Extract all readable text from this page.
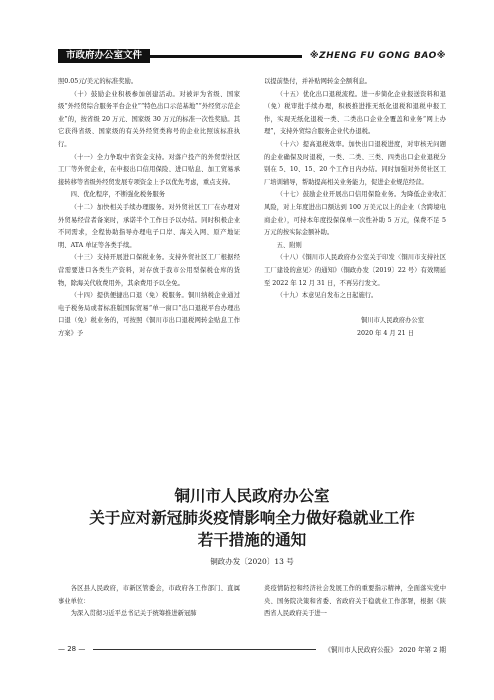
市政府办公室文件	※ZHENG FU GONG BAO※

照0.05元/美元的标准奖励。

（十）鼓励企业积极参加创建活动。对被评为省级、国家级“外经贸综合服务平台企业”“特色出口示范基地”“外经贸示范企业”的，按省级 20 万元、国家级 30 万元的标准一次性奖励。其它获得省级、国家级的有关外经贸类称号的企业比照该标准执行。

（十一）全力争取中省资金支持。对落户投产的外贸型社区工厂等外贸企业，在申报出口信用保险、进口贴息、加工贸易承接转移等省级外经贸发展专项资金上予以优先考虑，重点支持。

四、优化程序，不断强化税务服务

（十二）加快相关手续办理服务。对外贸社区工厂在办理对外贸易经营者备案时，承诺半个工作日予以办结。同时积极企业不同需求，全程协助指导办理电子口岸、海关入网、原产地证明、ATA 单证等各类手续。

（十三）支持开展进口保税业务。支持外贸社区工厂根据经营需要进口各类生产资料，对存放于我市公用型保税仓库的货物，除海关代收费用外，其余费用予以全免。

（十四）提供便捷出口退（免）税服务。铜川纳税企业通过电子税务局或者标准版国际贸易“单一窗口”出口退税平台办理出口退（免）税业务的，可按照《铜川市出口退税网转金贴息工作方案》予

以提前垫付，并补贴网转金全额利息。

（十五）优化出口退税流程。进一步简化企业报送资料和退（免）税审批手续办理，积极推进推无纸化退税和退税申报工作，实现无纸化退税一类、二类出口企业全覆盖和业务“网上办理”，支持外贸综合服务企业代办退税。

（十六）提高退税效率。加快出口退税进度，对审核无问题的企业确保及时退税，一类、二类、三类、四类出口企业退税分别在 5、10、15、20 个工作日内办结。同时加强对外贸社区工厂培训辅导，帮助提高相关业务能力，促进企业规范经营。

（十七）鼓励企业开展出口信用保险业务。为降低企业收汇风险，对上年度进出口额达到 100 万美元以上的企业（含跨境电商企业），可持本年度投保保单一次性补助 5 万元，保费不足 5 万元的按实际金额补助。

五、附则

（十八）《铜川市人民政府办公室关于印发〈铜川市支持社区工厂建设的意见〉的通知》（铜政办发〔2019〕22 号）有效期延至 2022 年 12 月 31 日，不再另行发文。

（十九）本意见自发布之日起施行。

铜川市人民政府办公室

2020 年 4 月 21 日

铜川市人民政府办公室
关于应对新冠肺炎疫情影响全力做好稳就业工作
若干措施的通知
铜政办发〔2020〕13 号

各区县人民政府，市新区管委会，市政府各工作部门、直属事业单位：

为深入贯彻习近平总书记关于统筹推进新冠肺

炎疫情防控和经济社会发展工作的重要指示精神，全面落实党中央、国务院决策和省委、省政府关于稳就业工作部署，根据《陕西省人民政府关于进一

— 28 —	《铜川市人民政府公报》 2020 年第 2 期
